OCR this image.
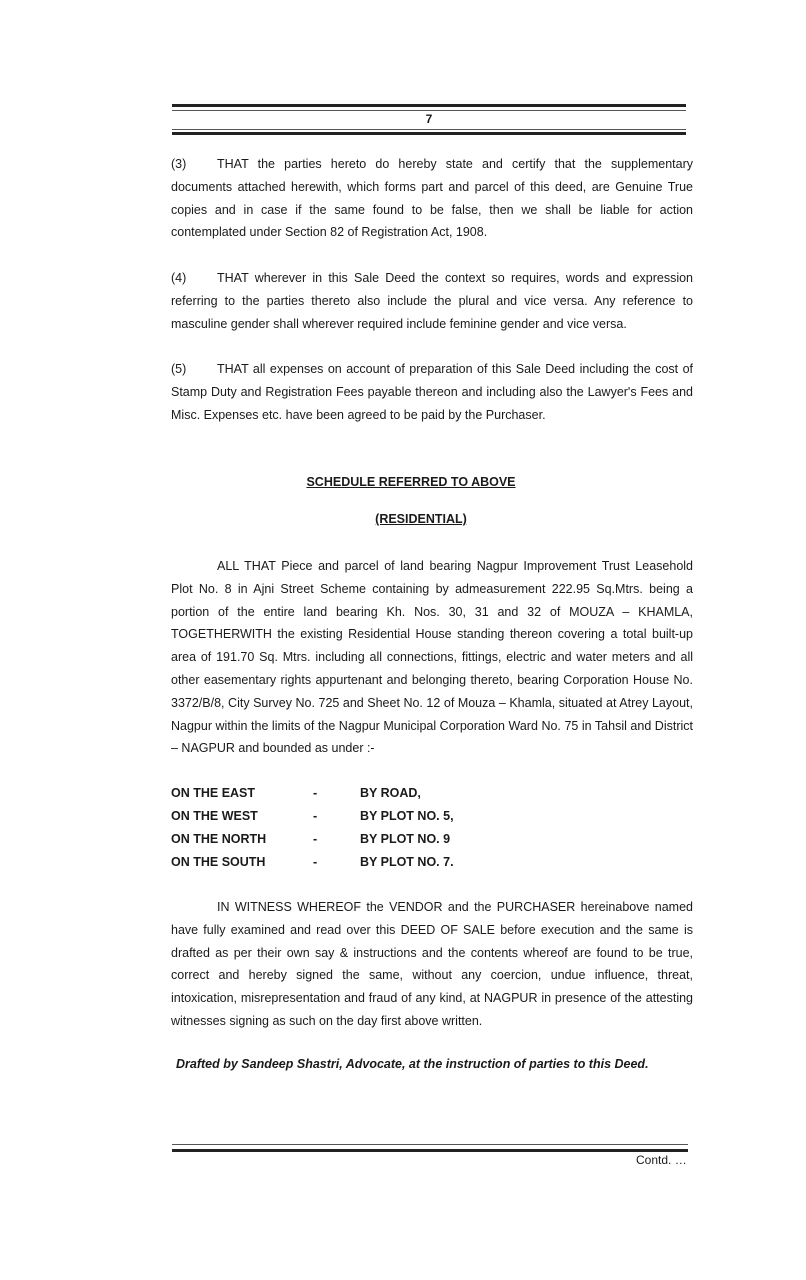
7
(3) THAT the parties hereto do hereby state and certify that the supplementary documents attached herewith, which forms part and parcel of this deed, are Genuine True copies and in case if the same found to be false, then we shall be liable for action contemplated under Section 82 of Registration Act, 1908.
(4) THAT wherever in this Sale Deed the context so requires, words and expression referring to the parties thereto also include the plural and vice versa. Any reference to masculine gender shall wherever required include feminine gender and vice versa.
(5) THAT all expenses on account of preparation of this Sale Deed including the cost of Stamp Duty and Registration Fees payable thereon and including also the Lawyer's Fees and Misc. Expenses etc. have been agreed to be paid by the Purchaser.
SCHEDULE REFERRED TO ABOVE
(RESIDENTIAL)
ALL THAT Piece and parcel of land bearing Nagpur Improvement Trust Leasehold Plot No. 8 in Ajni Street Scheme containing by admeasurement 222.95 Sq.Mtrs. being a portion of the entire land bearing Kh. Nos. 30, 31 and 32 of MOUZA – KHAMLA, TOGETHERWITH the existing Residential House standing thereon covering a total built-up area of 191.70 Sq. Mtrs. including all connections, fittings, electric and water meters and all other easementary rights appurtenant and belonging thereto, bearing Corporation House No. 3372/B/8, City Survey No. 725 and Sheet No. 12 of Mouza – Khamla, situated at Atrey Layout, Nagpur within the limits of the Nagpur Municipal Corporation Ward No. 75 in Tahsil and District – NAGPUR and bounded as under :-
ON THE EAST	-	BY ROAD,
ON THE WEST	-	BY PLOT NO. 5,
ON THE NORTH	-	BY PLOT NO. 9
ON THE SOUTH	-	BY PLOT NO. 7.
IN WITNESS WHEREOF the VENDOR and the PURCHASER hereinabove named have fully examined and read over this DEED OF SALE before execution and the same is drafted as per their own say & instructions and the contents whereof are found to be true, correct and hereby signed the same, without any coercion, undue influence, threat, intoxication, misrepresentation and fraud of any kind, at NAGPUR in presence of the attesting witnesses signing as such on the day first above written.
Drafted by Sandeep Shastri, Advocate, at the instruction of parties to this Deed.
Contd. …
